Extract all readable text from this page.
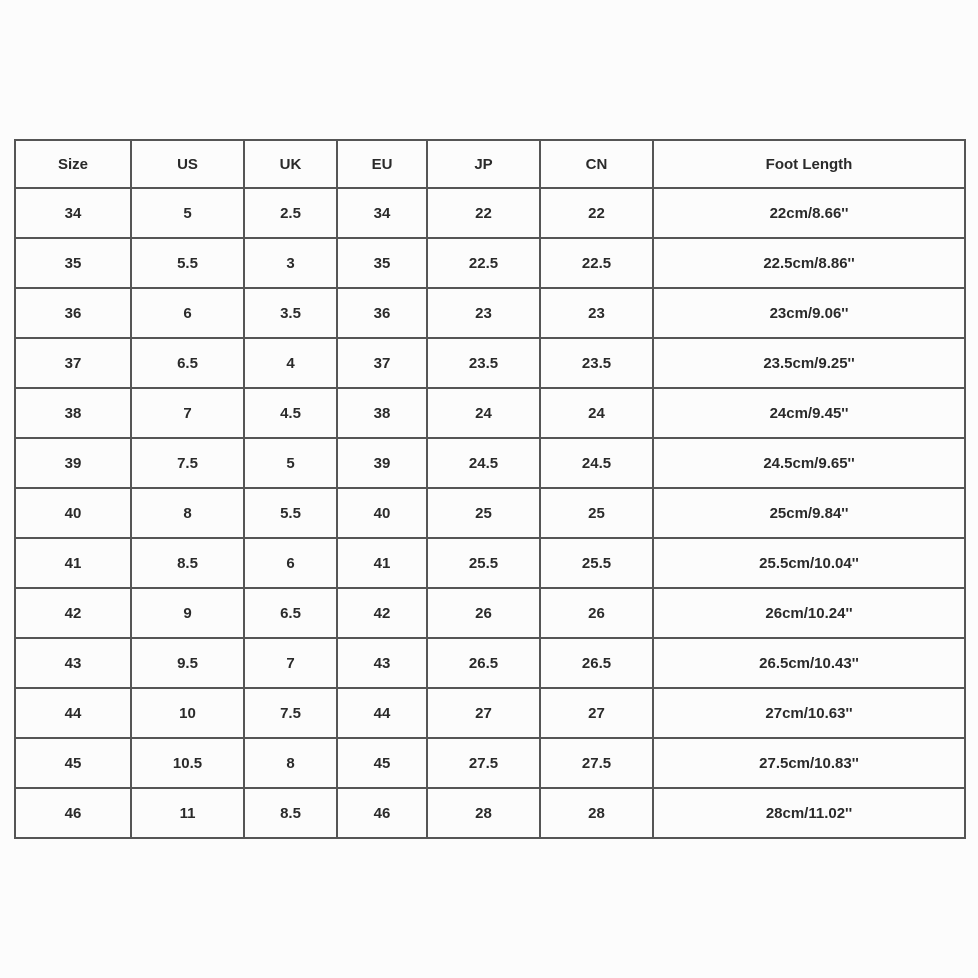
Size	US	UK	EU	JP	CN	Foot Length
34	5	2.5	34	22	22	22cm/8.66''
35	5.5	3	35	22.5	22.5	22.5cm/8.86''
36	6	3.5	36	23	23	23cm/9.06''
37	6.5	4	37	23.5	23.5	23.5cm/9.25''
38	7	4.5	38	24	24	24cm/9.45''
39	7.5	5	39	24.5	24.5	24.5cm/9.65''
40	8	5.5	40	25	25	25cm/9.84''
41	8.5	6	41	25.5	25.5	25.5cm/10.04''
42	9	6.5	42	26	26	26cm/10.24''
43	9.5	7	43	26.5	26.5	26.5cm/10.43''
44	10	7.5	44	27	27	27cm/10.63''
45	10.5	8	45	27.5	27.5	27.5cm/10.83''
46	11	8.5	46	28	28	28cm/11.02''
